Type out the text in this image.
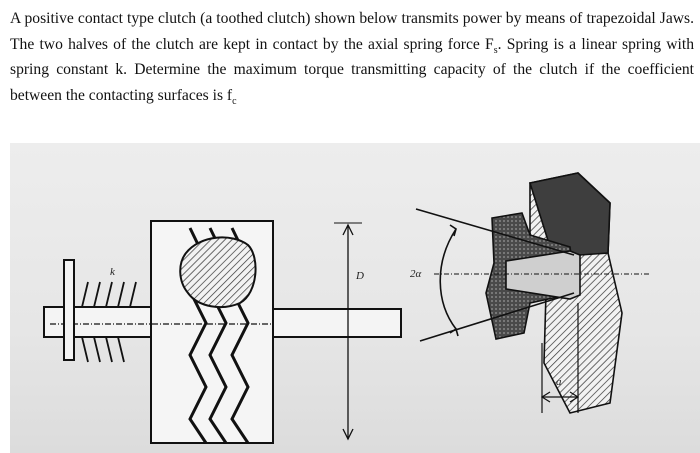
A positive contact type clutch (a toothed clutch) shown below transmits power by means of trapezoidal Jaws. The two halves of the clutch are kept in contact by the axial spring force $F_s$. Spring is a linear spring with spring constant k. Determine the maximum torque transmitting capacity of the clutch if the coefficient between the contacting surfaces is $f_c$
k	D	2α
a
